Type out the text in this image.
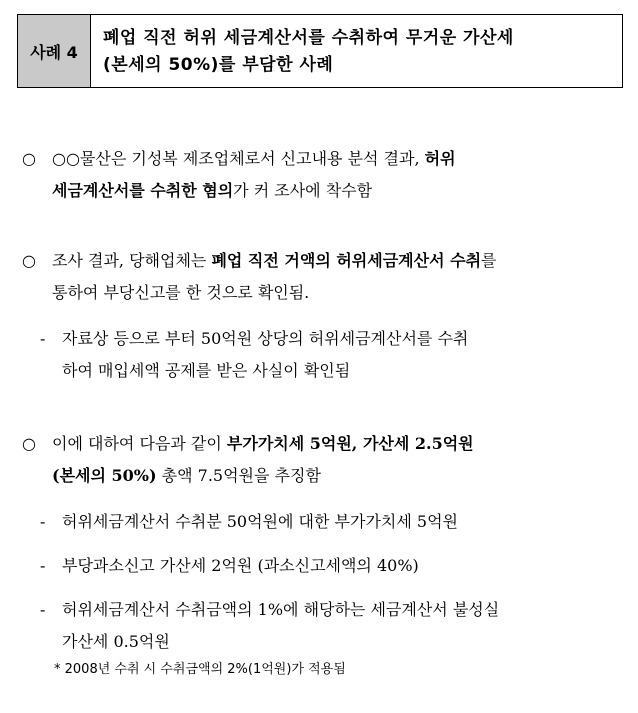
사례 4
폐업 직전 허위 세금계산서를 수취하여 무거운 가산세
(본세의 50%)를 부담한 사례
○ ○○물산은 기성복 제조업체로서 신고내용 분석 결과, 허위
세금계산서를 수취한 혐의가 커 조사에 착수함
○ 조사 결과, 당해업체는 폐업 직전 거액의 허위세금계산서 수취를
통하여 부당신고를 한 것으로 확인됨.
- 자료상 등으로 부터 50억원 상당의 허위세금계산서를 수취
하여 매입세액 공제를 받은 사실이 확인됨
○ 이에 대하여 다음과 같이 부가가치세 5억원, 가산세 2.5억원
(본세의 50%) 총액 7.5억원을 추징함
- 허위세금계산서 수취분 50억원에 대한 부가가치세 5억원
- 부당과소신고 가산세 2억원 (과소신고세액의 40%)
- 허위세금계산서 수취금액의 1%에 해당하는 세금계산서 불성실
가산세 0.5억원
* 2008년 수취 시 수취금액의 2%(1억원)가 적용됨
